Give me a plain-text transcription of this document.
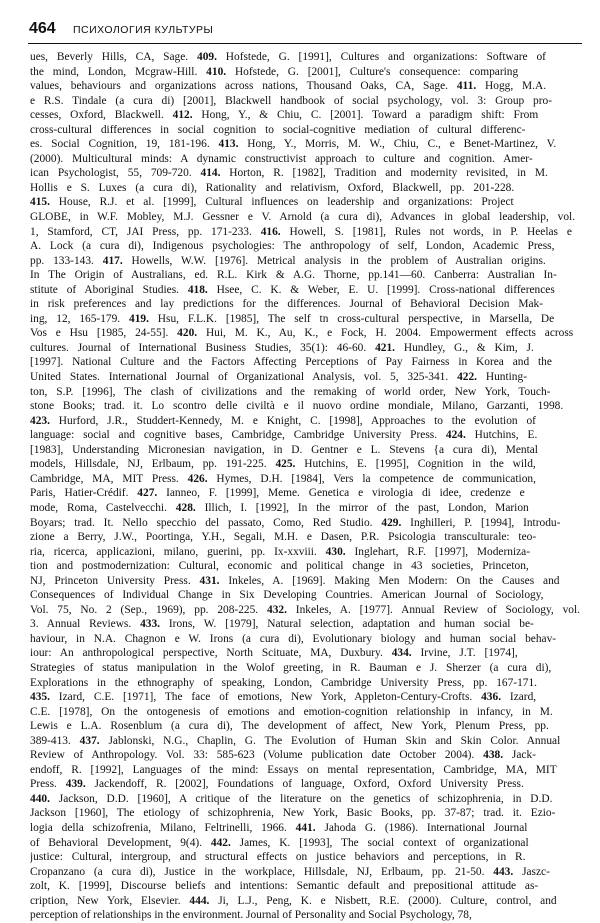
464 ПСИХОЛОГИЯ КУЛЬТУРЫ
ues, Beverly Hills, CA, Sage. 409. Hofstede, G. [1991], Cultures and organizations: Software of
the mind, London, Mcgraw-Hill. 410. Hofstede, G. [2001], Culture's consequence: comparing
values, behaviours and organizations across nations, Thousand Oaks, CA, Sage. 411. Hogg, M.A.
e R.S. Tindale (a cura di) [2001], Blackwell handbook of social psychology, vol. 3: Group pro-
cesses, Oxford, Blackwell. 412. Hong, Y., & Chiu, C. [2001]. Toward a paradigm shift: From
cross-cultural differences in social cognition to social-cognitive mediation of cultural differenc-
es. Social Cognition, 19, 181-196. 413. Hong, Y., Morris, M. W., Chiu, C., e Benet-Martinez, V.
(2000). Multicultural minds: A dynamic constructivist approach to culture and cognition. Amer-
ican Psychologist, 55, 709-720. 414. Horton, R. [1982], Tradition and modernity revisited, in M.
Hollis e S. Luxes (a cura di), Rationality and relativism, Oxford, Blackwell, pp. 201-228.
415. House, R.J. et al. [1999], Cultural influences on leadership and organizations: Project
GLOBE, in W.F. Mobley, M.J. Gessner e V. Arnold (a cura di), Advances in global leadership, vol.
1, Stamford, CT, JAI Press, pp. 171-233. 416. Howell, S. [1981], Rules not words, in P. Heelas e
A. Lock (a cura di), Indigenous psychologies: The anthropology of self, London, Academic Press,
pp. 133-143. 417. Howells, W.W. [1976]. Metrical analysis in the problem of Australian origins.
In The Origin of Australians, ed. R.L. Kirk & A.G. Thorne, pp.141—60. Canberra: Australian In-
stitute of Aboriginal Studies. 418. Hsee, C. K. & Weber, E. U. [1999]. Cross-national differences
in risk preferences and lay predictions for the differences. Journal of Behavioral Decision Mak-
ing, 12, 165-179. 419. Hsu, F.L.K. [1985], The self tn cross-cultural perspective, in Marsella, De
Vos e Hsu [1985, 24-55]. 420. Hui, M. K., Au, K., e Fock, H. 2004. Empowerment effects across
cultures. Journal of International Business Studies, 35(1): 46-60. 421. Hundley, G., & Kim, J.
[1997]. National Culture and the Factors Affecting Perceptions of Pay Fairness in Korea and the
United States. International Journal of Organizational Analysis, vol. 5, 325-341. 422. Hunting-
ton, S.P. [1996], The clash of civilizations and the remaking of world order, New York, Touch-
stone Books; trad. it. Lo scontro delle civiltà e il nuovo ordine mondiale, Milano, Garzanti, 1998.
423. Hurford, J.R., Studdert-Kennedy, M. e Knight, C. [1998], Approaches to the evolution of
language: social and cognitive bases, Cambridge, Cambridge University Press. 424. Hutchins, E.
[1983], Understanding Micronesian navigation, in D. Gentner e L. Stevens {a cura di), Mental
models, Hillsdale, NJ, Erlbaum, pp. 191-225. 425. Hutchins, E. [1995], Cognition in the wild,
Cambridge, MA, MIT Press. 426. Hymes, D.H. [1984], Vers la competence de communication,
Paris, Hatier-Crédif. 427. Ianneo, F. [1999], Meme. Genetica e virologia di idee, credenze e
mode, Roma, Castelvecchi. 428. Illich, I. [1992], In the mirror of the past, London, Marion
Boyars; trad. It. Nello specchio del passato, Como, Red Studio. 429. Inghilleri, P. [1994], Introdu-
zione a Berry, J.W., Poortinga, Y.H., Segali, M.H. e Dasen, P.R. Psicologia transculturale: teo-
ria, ricerca, applicazioni, milano, guerini, pp. Ix-xxviii. 430. Inglehart, R.F. [1997], Moderniza-
tion and postmodernization: Cultural, economic and political change in 43 societies, Princeton,
NJ, Princeton University Press. 431. Inkeles, A. [1969]. Making Men Modern: On the Causes and
Consequences of Individual Change in Six Developing Countries. American Journal of Sociology,
Vol. 75, No. 2 (Sep., 1969), pp. 208-225. 432. Inkeles, A. [1977]. Annual Review of Sociology, vol.
3. Annual Reviews. 433. Irons, W. [1979], Natural selection, adaptation and human social be-
haviour, in N.A. Chagnon e W. Irons (a cura di), Evolutionary biology and human social behav-
iour: An anthropological perspective, North Scituate, MA, Duxbury. 434. Irvine, J.T. [1974],
Strategies of status manipulation in the Wolof greeting, in R. Bauman e J. Sherzer (a cura di),
Explorations in the ethnography of speaking, London, Cambridge University Press, pp. 167-171.
435. Izard, C.E. [1971], The face of emotions, New York, Appleton-Century-Crofts. 436. Izard,
C.E. [1978], On the ontogenesis of emotions and emotion-cognition relationship in infancy, in M.
Lewis e L.A. Rosenblum (a cura di), The development of affect, New York, Plenum Press, pp.
389-413. 437. Jablonski, N.G., Chaplin, G. The Evolution of Human Skin and Skin Color. Annual
Review of Anthropology. Vol. 33: 585-623 (Volume publication date October 2004). 438. Jack-
endoff, R. [1992], Languages of the mind: Essays on mental representation, Cambridge, MA, MIT
Press. 439. Jackendoff, R. [2002], Foundations of language, Oxford, Oxford University Press.
440. Jackson, D.D. [1960], A critique of the literature on the genetics of schizophrenia, in D.D.
Jackson [1960], The etiology of schizophrenia, New York, Basic Books, pp. 37-87; trad. it. Ezio-
logia della schizofrenia, Milano, Feltrinelli, 1966. 441. Jahoda G. (1986). International Journal
of Behavioral Development, 9(4). 442. James, K. [1993], The social context of organizational
justice: Cultural, intergroup, and structural effects on justice behaviors and perceptions, in R.
Cropanzano (a cura di), Justice in the workplace, Hillsdale, NJ, Erlbaum, pp. 21-50. 443. Jaszc-
zolt, K. [1999], Discourse beliefs and intentions: Semantic default and prepositional attitude as-
cription, New York, Elsevier. 444. Ji, L.J., Peng, K. e Nisbett, R.E. (2000). Culture, control, and
perception of relationships in the environment. Journal of Personality and Social Psychology, 78,
